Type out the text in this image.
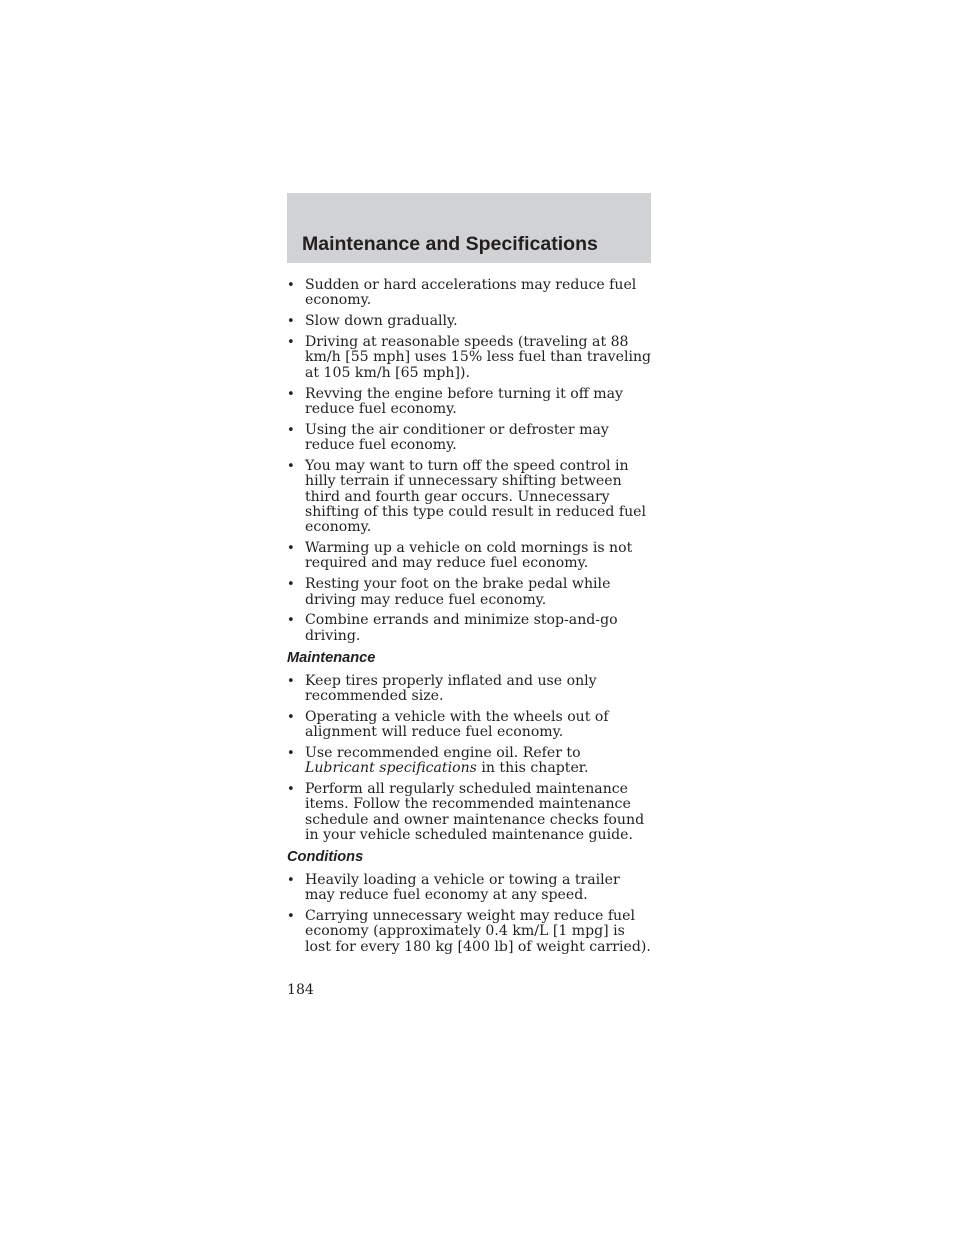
Maintenance and Specifications
• Sudden or hard accelerations may reduce fuel economy.
• Slow down gradually.
• Driving at reasonable speeds (traveling at 88 km/h [55 mph] uses 15% less fuel than traveling at 105 km/h [65 mph]).
• Revving the engine before turning it off may reduce fuel economy.
• Using the air conditioner or defroster may reduce fuel economy.
• You may want to turn off the speed control in hilly terrain if unnecessary shifting between third and fourth gear occurs. Unnecessary shifting of this type could result in reduced fuel economy.
• Warming up a vehicle on cold mornings is not required and may reduce fuel economy.
• Resting your foot on the brake pedal while driving may reduce fuel economy.
• Combine errands and minimize stop-and-go driving.
Maintenance
• Keep tires properly inflated and use only recommended size.
• Operating a vehicle with the wheels out of alignment will reduce fuel economy.
• Use recommended engine oil. Refer to Lubricant specifications in this chapter.
• Perform all regularly scheduled maintenance items. Follow the recommended maintenance schedule and owner maintenance checks found in your vehicle scheduled maintenance guide.
Conditions
• Heavily loading a vehicle or towing a trailer may reduce fuel economy at any speed.
• Carrying unnecessary weight may reduce fuel economy (approximately 0.4 km/L [1 mpg] is lost for every 180 kg [400 lb] of weight carried).
184
